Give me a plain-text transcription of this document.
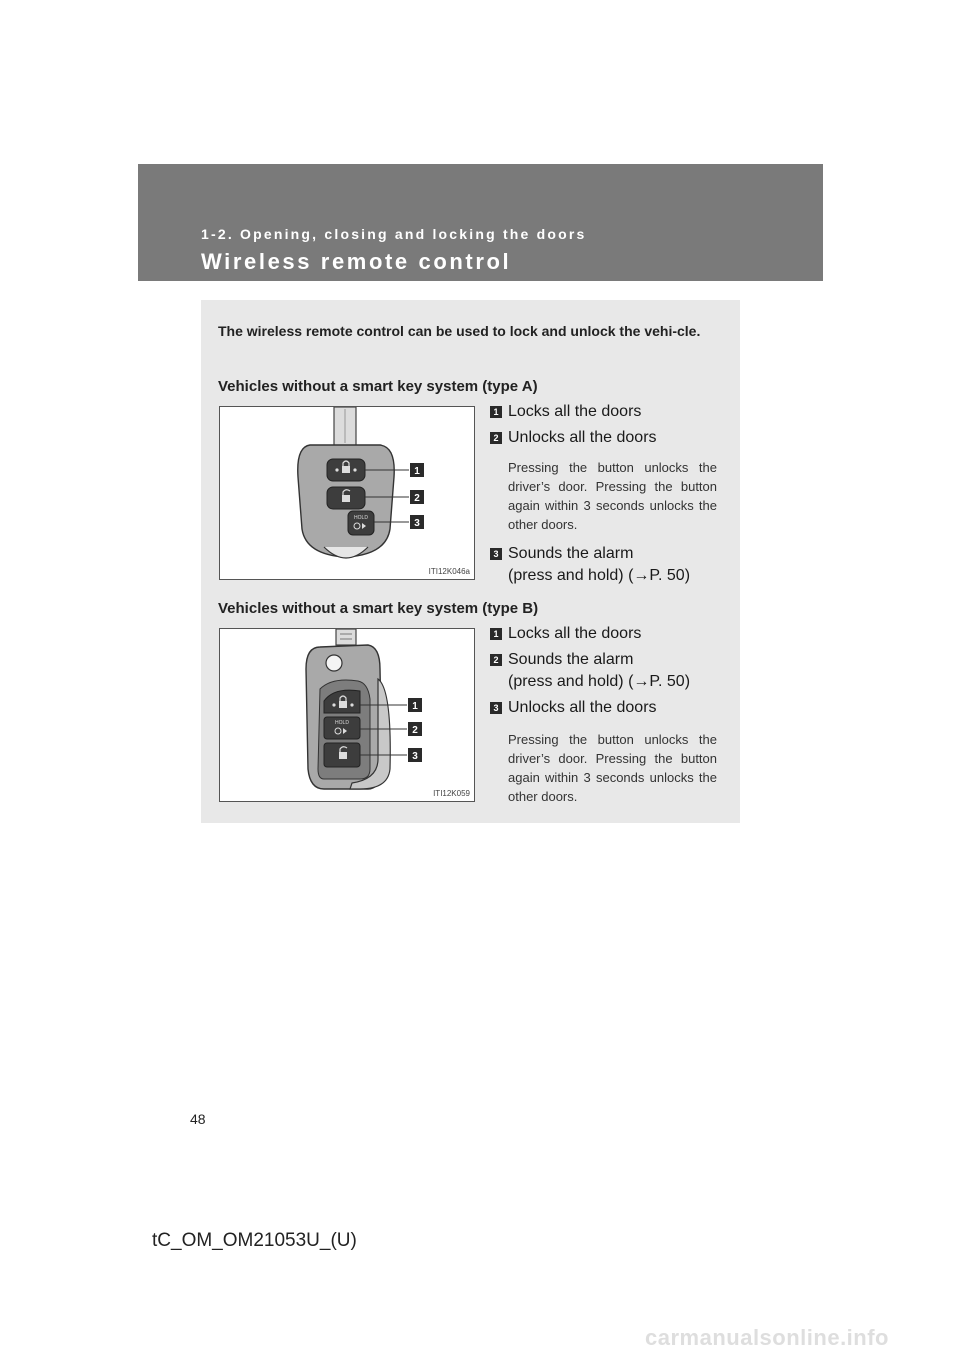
1-2. Opening, closing and locking the doors
Wireless remote control
The wireless remote control can be used to lock and unlock the vehi-cle.
Vehicles without a smart key system (type A)
HOLD
1
2
3
ITI12K046a
1 Locks all the doors
2 Unlocks all the doors
Pressing the button unlocks the driver’s door. Pressing the button again within 3 seconds unlocks the other doors.
3 Sounds the alarm
(press and hold) (→P. 50)
Vehicles without a smart key system (type B)
HOLD
1
2
3
ITI12K059
1 Locks all the doors
2 Sounds the alarm
(press and hold) (→P. 50)
3 Unlocks all the doors
Pressing the button unlocks the driver’s door. Pressing the button again within 3 seconds unlocks the other doors.
48
tC_OM_OM21053U_(U)
carmanualsonline.info
